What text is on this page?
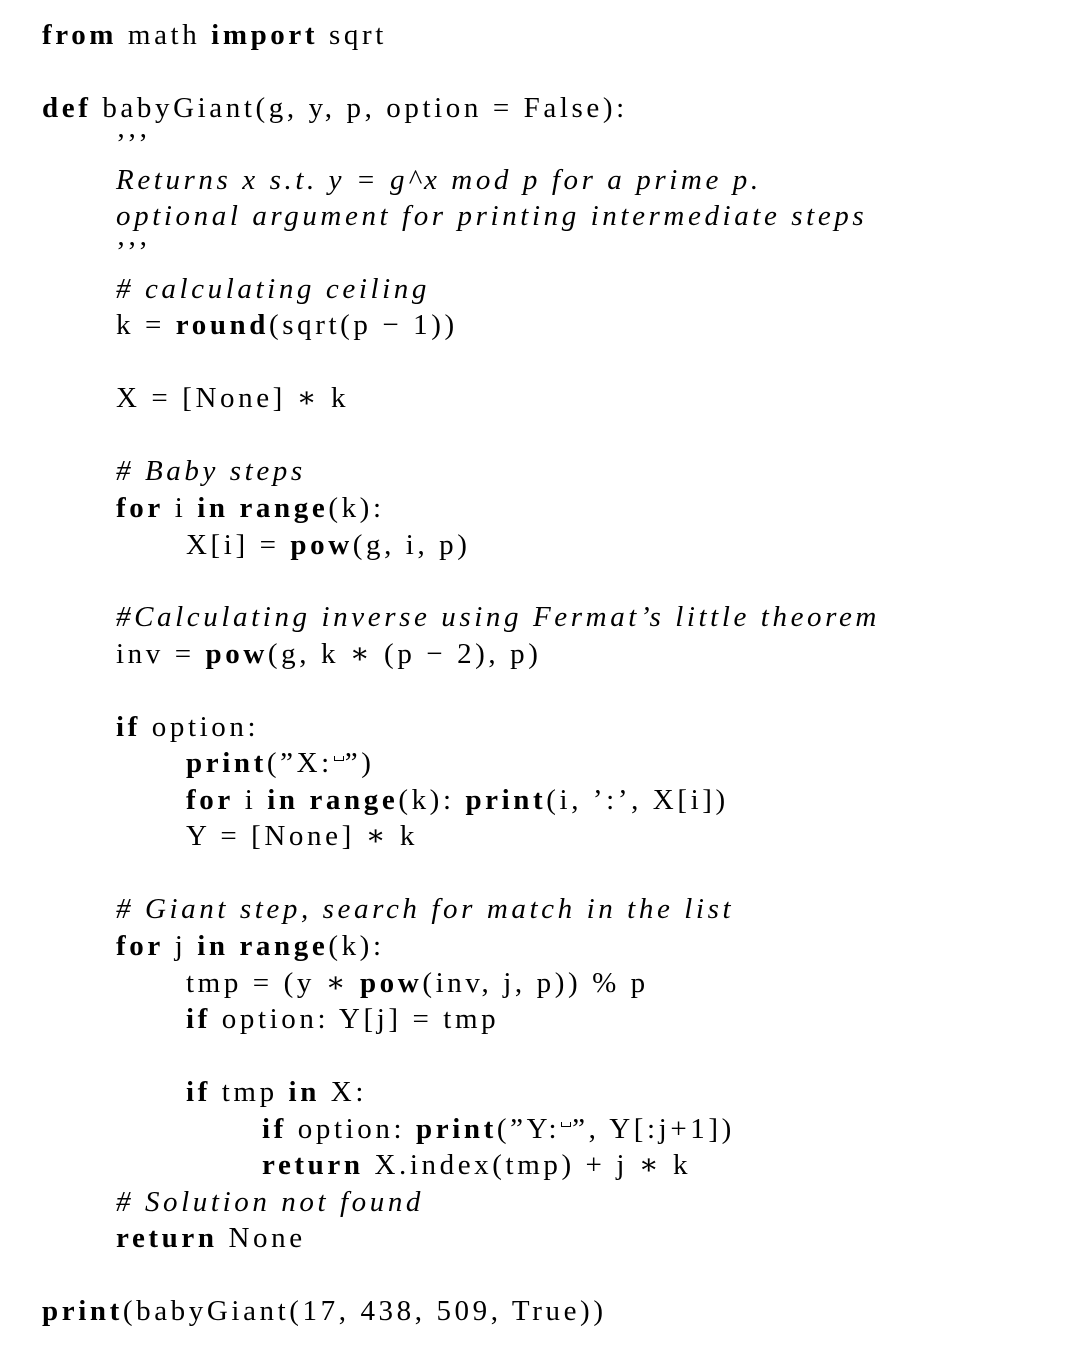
from math import sqrt
def babyGiant(g, y, p, option = False):
’’’
Returns x s.t. y = g^x mod p for a prime p.
optional argument for printing intermediate steps
’’’
# calculating ceiling
k = round(sqrt(p − 1))
X = [None] ∗ k
# Baby steps
for i in range(k):
X[i] = pow(g, i, p)
#Calculating inverse using Fermat’s little theorem
inv = pow(g, k ∗ (p − 2), p)
if option:
print(”X: ”)
for i in range(k): print(i, ’:’, X[i])
Y = [None] ∗ k
# Giant step, search for match in the list
for j in range(k):
tmp = (y ∗ pow(inv, j, p)) % p
if option: Y[j] = tmp
if tmp in X:
if option: print(”Y: ”, Y[:j+1])
return X.index(tmp) + j ∗ k
# Solution not found
return None
print(babyGiant(17, 438, 509, True))
